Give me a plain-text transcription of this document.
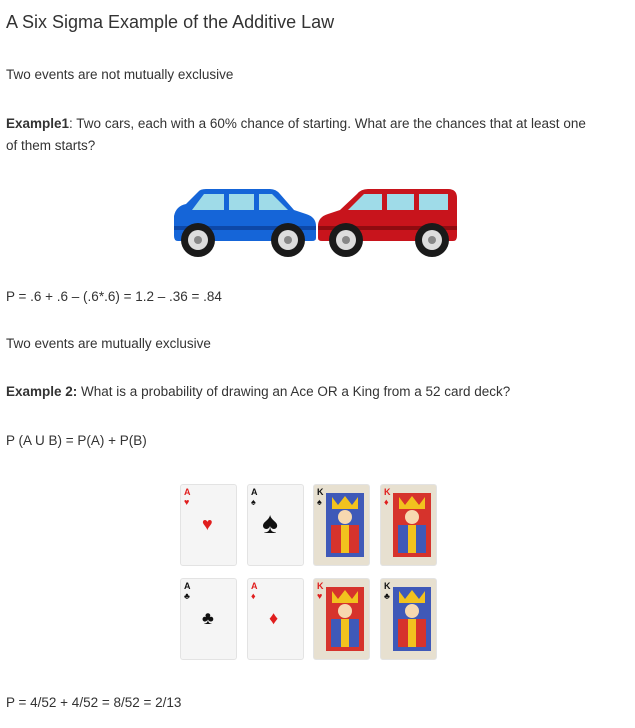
A Six Sigma Example of the Additive Law
Two events are not mutually exclusive
Example1: Two cars, each with a 60% chance of starting. What are the chances that at least one
of them starts?
P = .6 + .6 – (.6*.6) = 1.2 – .36 = .84
Two events are mutually exclusive
Example 2: What is a probability of drawing an Ace OR a King from a 52 card deck?
P (A U B) = P(A) + P(B)
A
♥
♥
A
♠
♠
K
♠
K
♦
A
♣
♣
A
♦
♦
K
♥
K
♣
P = 4/52 + 4/52 = 8/52 = 2/13
